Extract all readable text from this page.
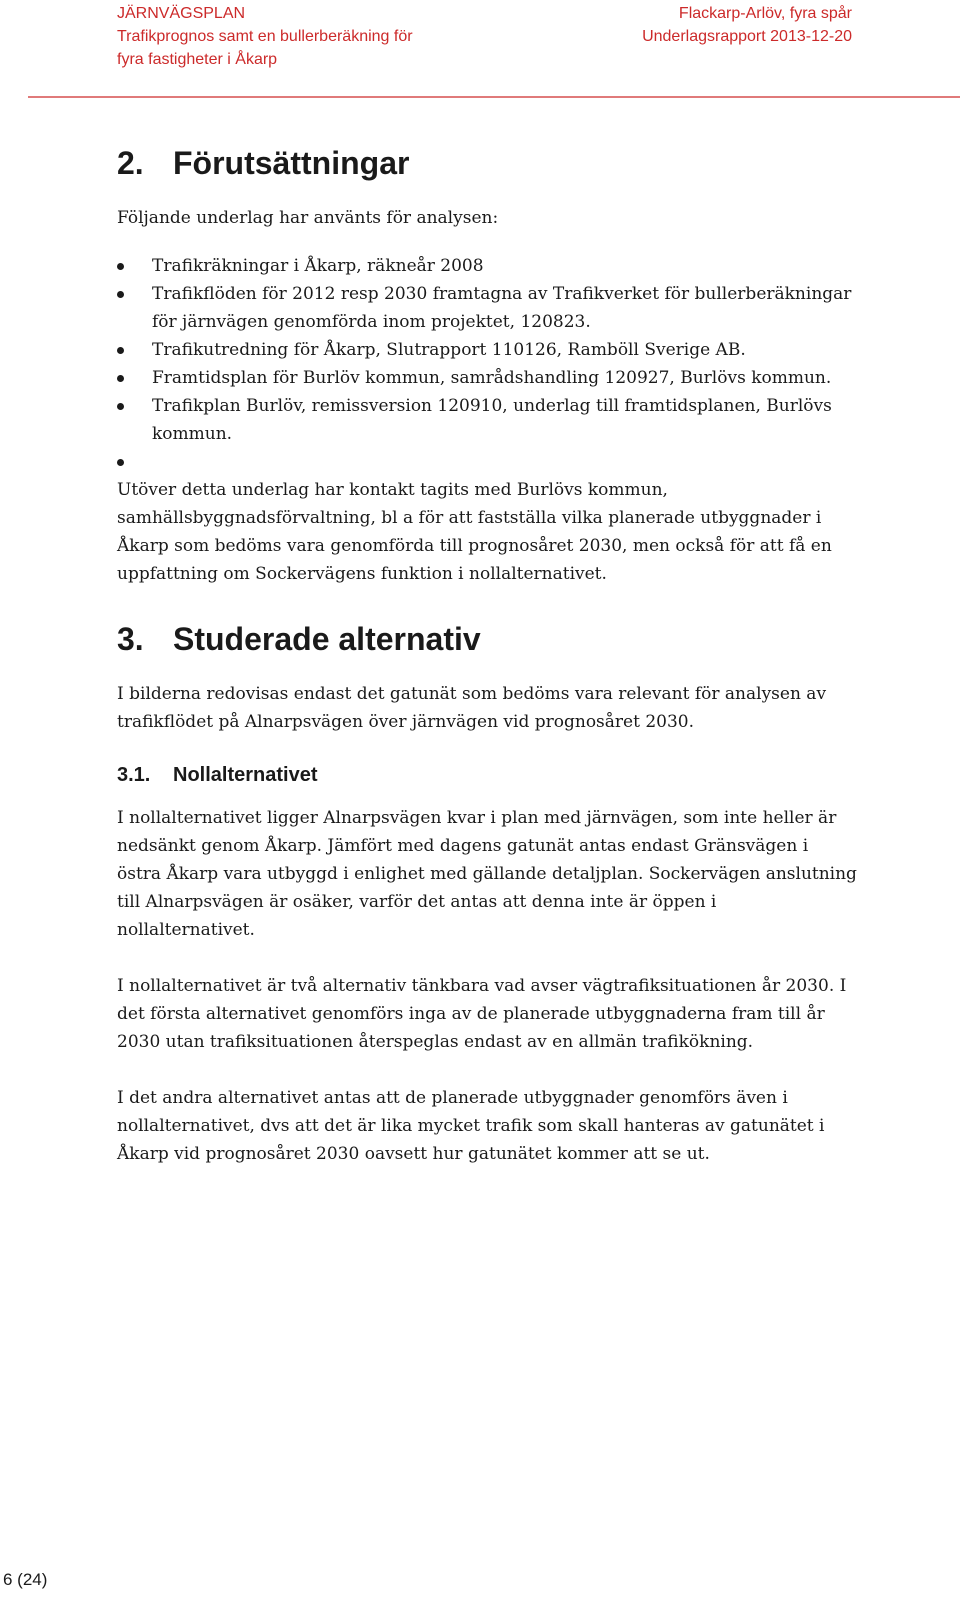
JÄRNVÄGSPLAN
Trafikprognos samt en bullerberäkning för
fyra fastigheter i Åkarp
Flackarp-Arlöv, fyra spår
Underlagsrapport 2013-12-20
2. Förutsättningar

Följande underlag har använts för analysen:

Trafikräkningar i Åkarp, räkneår 2008
Trafikflöden för 2012 resp 2030 framtagna av Trafikverket för bullerberäkningar för järnvägen genomförda inom projektet, 120823.
Trafikutredning för Åkarp, Slutrapport 110126, Ramböll Sverige AB.
Framtidsplan för Burlöv kommun, samrådshandling 120927, Burlövs kommun.
Trafikplan Burlöv, remissversion 120910, underlag till framtidsplanen, Burlövs kommun.

Utöver detta underlag har kontakt tagits med Burlövs kommun, samhällsbyggnadsförvaltning, bl a för att fastställa vilka planerade utbyggnader i Åkarp som bedöms vara genomförda till prognosåret 2030, men också för att få en uppfattning om Sockervägens funktion i nollalternativet.

3. Studerade alternativ

I bilderna redovisas endast det gatunät som bedöms vara relevant för analysen av trafikflödet på Alnarpsvägen över järnvägen vid prognosåret 2030.

3.1.	Nollalternativet

I nollalternativet ligger Alnarpsvägen kvar i plan med järnvägen, som inte heller är nedsänkt genom Åkarp. Jämfört med dagens gatunät antas endast Gränsvägen i östra Åkarp vara utbyggd i enlighet med gällande detaljplan. Sockervägen anslutning till Alnarpsvägen är osäker, varför det antas att denna inte är öppen i nollalternativet.

I nollalternativet är två alternativ tänkbara vad avser vägtrafiksituationen år 2030. I det första alternativet genomförs inga av de planerade utbyggnaderna fram till år 2030 utan trafiksituationen återspeglas endast av en allmän trafikökning.

I det andra alternativet antas att de planerade utbyggnader genomförs även i nollalternativet, dvs att det är lika mycket trafik som skall hanteras av gatunätet i Åkarp vid prognosåret 2030 oavsett hur gatunätet kommer att se ut.

6 (24)
